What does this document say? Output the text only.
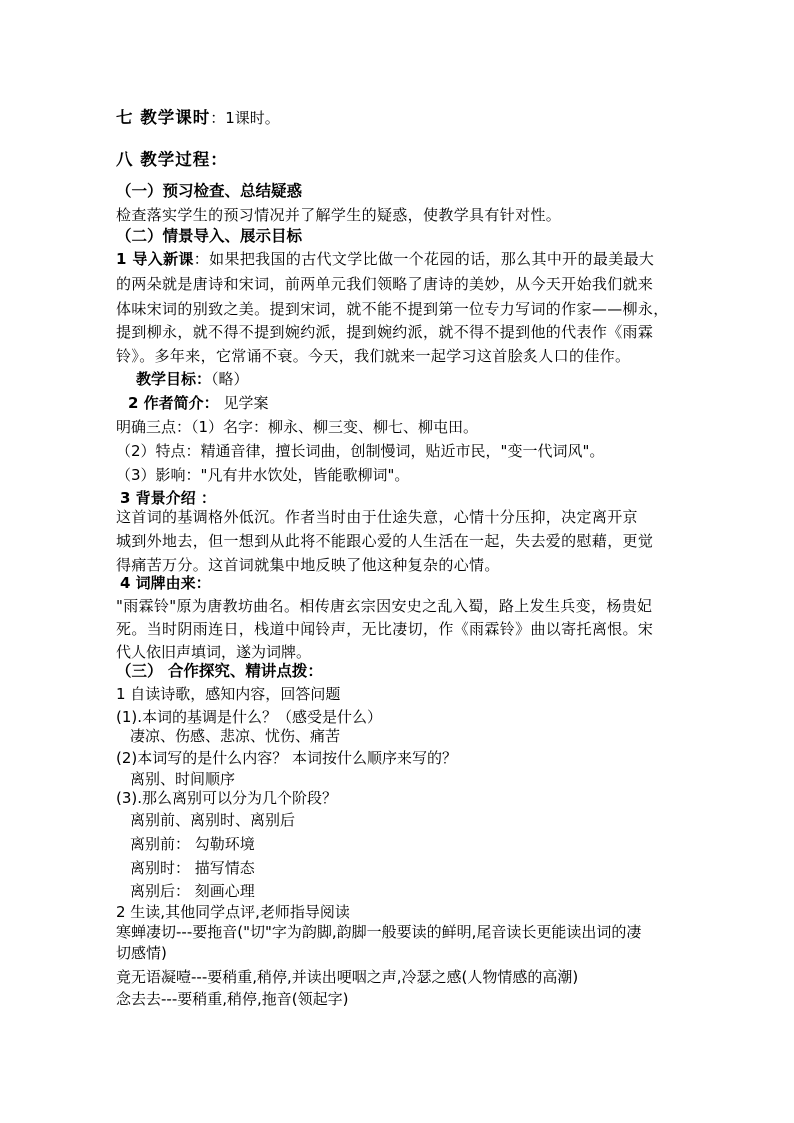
七 教学课时：1课时。
八 教学过程：
（一）预习检查、总结疑惑
检查落实学生的预习情况并了解学生的疑惑，使教学具有针对性。
（二）情景导入、展示目标
1 导入新课：如果把我国的古代文学比做一个花园的话，那么其中开的最美最大
的两朵就是唐诗和宋词，前两单元我们领略了唐诗的美妙，从今天开始我们就来
体味宋词的别致之美。提到宋词，就不能不提到第一位专力写词的作家——柳永，
提到柳永，就不得不提到婉约派，提到婉约派，就不得不提到他的代表作《雨霖
铃》。多年来，它常诵不衰。今天，我们就来一起学习这首脍炙人口的佳作。
教学目标：（略）
2 作者简介： 见学案
明确三点：（1）名字：柳永、柳三变、柳七、柳屯田。
（2）特点：精通音律，擅长词曲，创制慢词，贴近市民，"变一代词风"。
（3）影响："凡有井水饮处，皆能歌柳词"。
3 背景介绍 ：
这首词的基调格外低沉。作者当时由于仕途失意，心情十分压抑，决定离开京
城到外地去，但一想到从此将不能跟心爱的人生活在一起，失去爱的慰藉，更觉
得痛苦万分。这首词就集中地反映了他这种复杂的心情。
4 词牌由来：
"雨霖铃"原为唐教坊曲名。相传唐玄宗因安史之乱入蜀，路上发生兵变，杨贵妃
死。当时阴雨连日，栈道中闻铃声，无比凄切，作《雨霖铃》曲以寄托离恨。宋
代人依旧声填词，遂为词牌。
（三） 合作探究、精讲点拨：
1 自读诗歌，感知内容，回答问题
(1).本词的基调是什么？（感受是什么）
凄凉、伤感、悲凉、忧伤、痛苦
(2)本词写的是什么内容？ 本词按什么顺序来写的？
离别、时间顺序
(3).那么离别可以分为几个阶段？
离别前、离别时、离别后
离别前： 勾勒环境
离别时： 描写情态
离别后： 刻画心理
2 生读,其他同学点评,老师指导阅读
寒蝉凄切---要拖音("切"字为韵脚,韵脚一般要读的鲜明,尾音读长更能读出词的凄
切感情)
竟无语凝噎---要稍重,稍停,并读出哽咽之声,冷瑟之感(人物情感的高潮)
念去去---要稍重,稍停,拖音(领起字)
